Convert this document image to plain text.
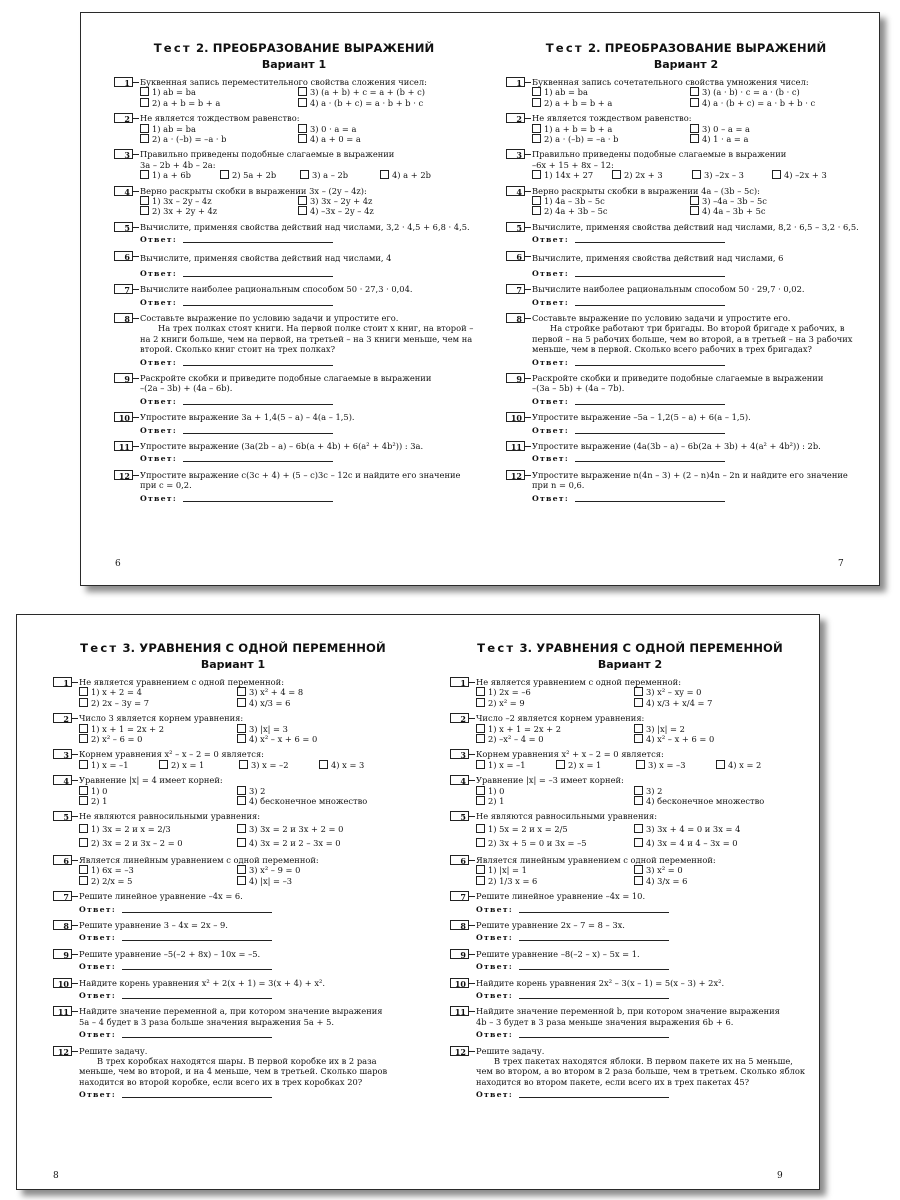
Тест 2. ПРЕОБРАЗОВАНИЕ ВЫРАЖЕНИЙ
Вариант 1
1	Буквенная запись переместительного свойства сложения чисел:
1) ab = ba	3) (a + b) + c = a + (b + c)
2) a + b = b + a	4) a · (b + c) = a · b + b · c
2	Не является тождеством равенство:
1) ab = ba	3) 0 · a = a
2) a · (–b) = –a · b	4) a + 0 = a
3	Правильно приведены подобные слагаемые в выражении
3a – 2b + 4b – 2a:
1) a + 6b	2) 5a + 2b	3) a – 2b	4) a + 2b
4	Верно раскрыты скобки в выражении 3x – (2y – 4z):
1) 3x – 2y – 4z	3) 3x – 2y + 4z
2) 3x + 2y + 4z	4) –3x – 2y – 4z
5	Вычислите, применяя свойства действий над числами, 3,2 · 4,5 + 6,8 · 4,5.
Ответ:
6	Вычислите, применяя свойства действий над числами, 4
Ответ:
7	Вычислите наиболее рациональным способом 50 · 27,3 · 0,04.
Ответ:
8	Составьте выражение по условию задачи и упростите его.
На трех полках стоят книги. На первой полке стоит x книг, на второй – на 2 книги больше, чем на первой, на третьей – на 3 книги меньше, чем на второй. Сколько книг стоит на трех полках?
Ответ:
9	Раскройте скобки и приведите подобные слагаемые в выражении
–(2a – 3b) + (4a – 6b).
Ответ:
10	Упростите выражение 3a + 1,4(5 – a) – 4(a – 1,5).
Ответ:
11	Упростите выражение (3a(2b – a) – 6b(a + 4b) + 6(a² + 4b²)) : 3a.
Ответ:
12	Упростите выражение c(3c + 4) + (5 – c)3c – 12c и найдите его значение
при c = 0,2.
Ответ:
Тест 2. ПРЕОБРАЗОВАНИЕ ВЫРАЖЕНИЙ
Вариант 2
1	Буквенная запись сочетательного свойства умножения чисел:
1) ab = ba	3) (a · b) · c = a · (b · c)
2) a + b = b + a	4) a · (b + c) = a · b + b · c
2	Не является тождеством равенство:
1) a + b = b + a	3) 0 – a = a
2) a · (–b) = –a · b	4) 1 · a = a
3	Правильно приведены подобные слагаемые в выражении
–6x + 15 + 8x – 12:
1) 14x + 27	2) 2x + 3	3) –2x – 3	4) –2x + 3
4	Верно раскрыты скобки в выражении 4a – (3b – 5c):
1) 4a – 3b – 5c	3) –4a – 3b – 5c
2) 4a + 3b – 5c	4) 4a – 3b + 5c
5	Вычислите, применяя свойства действий над числами, 8,2 · 6,5 – 3,2 · 6,5.
Ответ:
6	Вычислите, применяя свойства действий над числами, 6
Ответ:
7	Вычислите наиболее рациональным способом 50 · 29,7 · 0,02.
Ответ:
8	Составьте выражение по условию задачи и упростите его.
На стройке работают три бригады. Во второй бригаде x рабочих, в первой – на 5 рабочих больше, чем во второй, а в третьей – на 3 рабочих меньше, чем в первой. Сколько всего рабочих в трех бригадах?
Ответ:
9	Раскройте скобки и приведите подобные слагаемые в выражении
–(3a – 5b) + (4a – 7b).
Ответ:
10	Упростите выражение –5a – 1,2(5 – a) + 6(a – 1,5).
Ответ:
11	Упростите выражение (4a(3b – a) – 6b(2a + 3b) + 4(a² + 4b²)) : 2b.
Ответ:
12	Упростите выражение n(4n – 3) + (2 – n)4n – 2n и найдите его значение
при n = 0,6.
Ответ:
6	7
Тест 3. УРАВНЕНИЯ С ОДНОЙ ПЕРЕМЕННОЙ
Вариант 1
1	Не является уравнением с одной переменной:
1) x + 2 = 4	3) x² + 4 = 8
2) 2x – 3y = 7	4) x/3 = 6
2	Число 3 является корнем уравнения:
1) x + 1 = 2x + 2	3) |x| = 3
2) x² – 6 = 0	4) x² – x + 6 = 0
3	Корнем уравнения x² – x – 2 = 0 является:
1) x = –1	2) x = 1	3) x = –2	4) x = 3
4	Уравнение |x| = 4 имеет корней:
1) 0	3) 2
2) 1	4) бесконечное множество
5	Не являются равносильными уравнения:
1) 3x = 2 и x = 2/3	3) 3x = 2 и 3x + 2 = 0
2) 3x = 2 и 3x – 2 = 0	4) 3x = 2 и 2 – 3x = 0
6	Является линейным уравнением с одной переменной:
1) 6x = –3	3) x² – 9 = 0
2) 2/x = 5	4) |x| = –3
7	Решите линейное уравнение –4x = 6.
Ответ:
8	Решите уравнение 3 – 4x = 2x – 9.
Ответ:
9	Решите уравнение –5(–2 + 8x) – 10x = –5.
Ответ:
10	Найдите корень уравнения x² + 2(x + 1) = 3(x + 4) + x².
Ответ:
11	Найдите значение переменной a, при котором значение выражения
5a – 4 будет в 3 раза больше значения выражения 5a + 5.
Ответ:
12	Решите задачу.
В трех коробках находятся шары. В первой коробке их в 2 раза меньше, чем во второй, и на 4 меньше, чем в третьей. Сколько шаров находится во второй коробке, если всего их в трех коробках 20?
Ответ:
Тест 3. УРАВНЕНИЯ С ОДНОЙ ПЕРЕМЕННОЙ
Вариант 2
1	Не является уравнением с одной переменной:
1) 2x = –6	3) x² – xy = 0
2) x² = 9	4) x/3 + x/4 = 7
2	Число –2 является корнем уравнения:
1) x + 1 = 2x + 2	3) |x| = 2
2) –x² – 4 = 0	4) x² – x + 6 = 0
3	Корнем уравнения x² + x – 2 = 0 является:
1) x = –1	2) x = 1	3) x = –3	4) x = 2
4	Уравнение |x| = –3 имеет корней:
1) 0	3) 2
2) 1	4) бесконечное множество
5	Не являются равносильными уравнения:
1) 5x = 2 и x = 2/5	3) 3x + 4 = 0 и 3x = 4
2) 3x + 5 = 0 и 3x = –5	4) 3x = 4 и 4 – 3x = 0
6	Является линейным уравнением с одной переменной:
1) |x| = 1	3) x² = 0
2) 1/3 x = 6	4) 3/x = 6
7	Решите линейное уравнение –4x = 10.
Ответ:
8	Решите уравнение 2x – 7 = 8 – 3x.
Ответ:
9	Решите уравнение –8(–2 – x) – 5x = 1.
Ответ:
10	Найдите корень уравнения 2x² – 3(x – 1) = 5(x – 3) + 2x².
Ответ:
11	Найдите значение переменной b, при котором значение выражения
4b – 3 будет в 3 раза меньше значения выражения 6b + 6.
Ответ:
12	Решите задачу.
В трех пакетах находятся яблоки. В первом пакете их на 5 меньше, чем во втором, а во втором в 2 раза больше, чем в третьем. Сколько яблок находится во втором пакете, если всего их в трех пакетах 45?
Ответ:
8	9
